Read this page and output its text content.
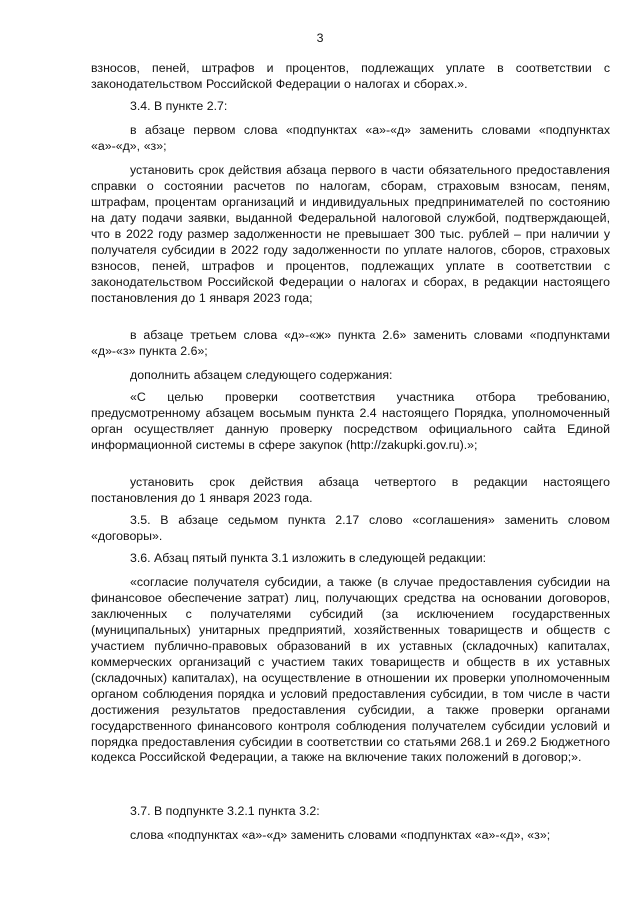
3
взносов, пеней, штрафов и процентов, подлежащих уплате в соответствии с законодательством Российской Федерации о налогах и сборах.».
3.4. В пункте 2.7:
в абзаце первом слова «подпунктах «а»-«д» заменить словами «подпунктах «а»-«д», «з»;
установить срок действия абзаца первого в части обязательного предоставления справки о состоянии расчетов по налогам, сборам, страховым взносам, пеням, штрафам, процентам организаций и индивидуальных предпринимателей по состоянию на дату подачи заявки, выданной Федеральной налоговой службой, подтверждающей, что в 2022 году размер задолженности не превышает 300 тыс. рублей – при наличии у получателя субсидии в 2022 году задолженности по уплате налогов, сборов, страховых взносов, пеней, штрафов и процентов, подлежащих уплате в соответствии с законодательством Российской Федерации о налогах и сборах, в редакции настоящего постановления до 1 января 2023 года;
в абзаце третьем слова «д»-«ж» пункта 2.6» заменить словами «подпунктами «д»-«з» пункта 2.6»;
дополнить абзацем следующего содержания:
«С целью проверки соответствия участника отбора требованию, предусмотренному абзацем восьмым пункта 2.4 настоящего Порядка, уполномоченный орган осуществляет данную проверку посредством официального сайта Единой информационной системы в сфере закупок (http://zakupki.gov.ru).»;
установить срок действия абзаца четвертого в редакции настоящего постановления до 1 января 2023 года.
3.5. В абзаце седьмом пункта 2.17 слово «соглашения» заменить словом «договоры».
3.6. Абзац пятый пункта 3.1 изложить в следующей редакции:
«согласие получателя субсидии, а также (в случае предоставления субсидии на финансовое обеспечение затрат) лиц, получающих средства на основании договоров, заключенных с получателями субсидий (за исключением государственных (муниципальных) унитарных предприятий, хозяйственных товариществ и обществ с участием публично-правовых образований в их уставных (складочных) капиталах, коммерческих организаций с участием таких товариществ и обществ в их уставных (складочных) капиталах), на осуществление в отношении их проверки уполномоченным органом соблюдения порядка и условий предоставления субсидии, в том числе в части достижения результатов предоставления субсидии, а также проверки органами государственного финансового контроля соблюдения получателем субсидии условий и порядка предоставления субсидии в соответствии со статьями 268.1 и 269.2 Бюджетного кодекса Российской Федерации, а также на включение таких положений в договор;».
3.7. В подпункте 3.2.1 пункта 3.2:
слова «подпунктах «а»-«д» заменить словами «подпунктах «а»-«д», «з»;
